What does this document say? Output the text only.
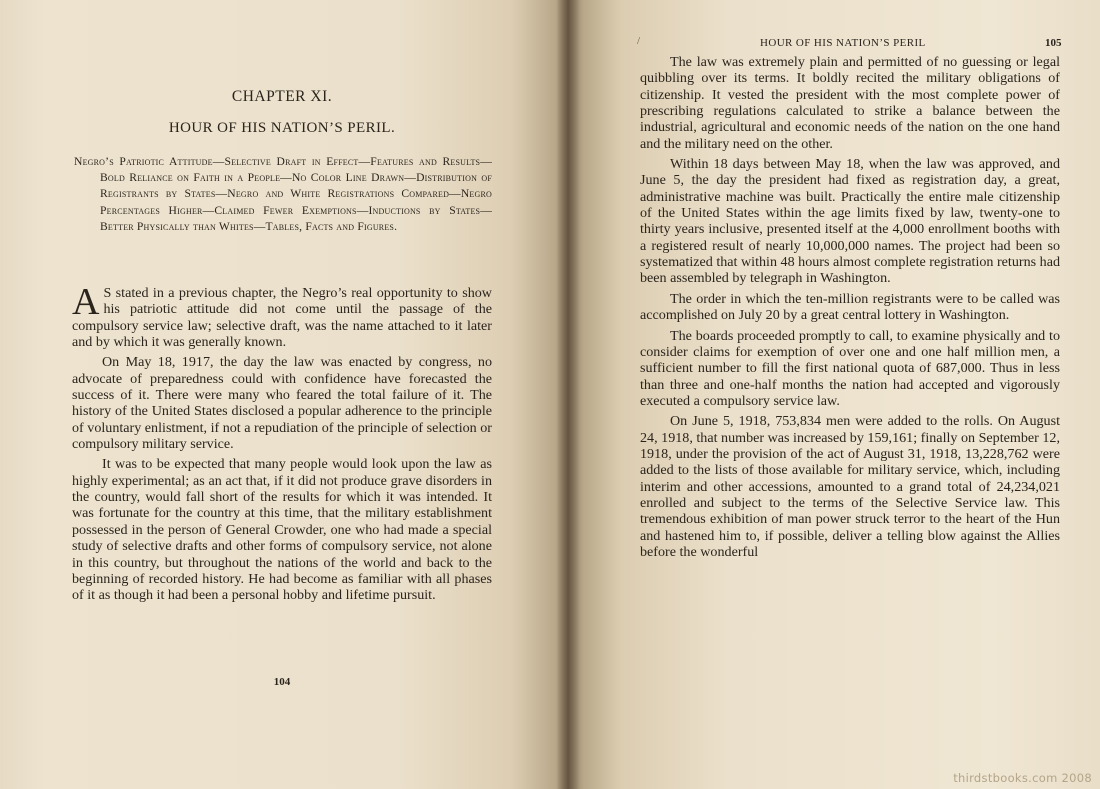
CHAPTER XI.
HOUR OF HIS NATION’S PERIL.

Negro’s Patriotic Attitude—Selective Draft in Effect—Features and Results—Bold Reliance on Faith in a People—No Color Line Drawn—Distribution of Registrants by States—Negro and White Registrations Compared—Negro Percentages Higher—Claimed Fewer Exemptions—Inductions by States—Better Physically than Whites—Tables, Facts and Figures.

A S stated in a previous chapter, the Negro’s real opportunity to show his patriotic attitude did not come until the passage of the compulsory service law; selective draft, was the name attached to it later and by which it was generally known.

On May 18, 1917, the day the law was enacted by congress, no advocate of preparedness could with confidence have forecasted the success of it. There were many who feared the total failure of it. The history of the United States disclosed a popular adherence to the principle of voluntary enlistment, if not a repudiation of the principle of selection or compulsory military service.

It was to be expected that many people would look upon the law as highly experimental; as an act that, if it did not produce grave disorders in the country, would fall short of the results for which it was intended. It was fortunate for the country at this time, that the military establishment possessed in the person of General Crowder, one who had made a special study of selective drafts and other forms of compulsory service, not alone in this country, but throughout the nations of the world and back to the beginning of recorded history. He had become as familiar with all phases of it as though it had been a personal hobby and lifetime pursuit.

104
/	HOUR OF HIS NATION’S PERIL	105

The law was extremely plain and permitted of no guessing or legal quibbling over its terms. It boldly recited the military obligations of citizenship. It vested the president with the most complete power of prescribing regulations calculated to strike a balance between the industrial, agricultural and economic needs of the nation on the one hand and the military need on the other.

Within 18 days between May 18, when the law was approved, and June 5, the day the president had fixed as registration day, a great, administrative machine was built. Practically the entire male citizenship of the United States within the age limits fixed by law, twenty-one to thirty years inclusive, presented itself at the 4,000 enrollment booths with a registered result of nearly 10,000,000 names. The project had been so systematized that within 48 hours almost complete registration returns had been assembled by telegraph in Washington.

The order in which the ten-million registrants were to be called was accomplished on July 20 by a great central lottery in Washington.

The boards proceeded promptly to call, to examine physically and to consider claims for exemption of over one and one half million men, a sufficient number to fill the first national quota of 687,000. Thus in less than three and one-half months the nation had accepted and vigorously executed a compulsory service law.

On June 5, 1918, 753,834 men were added to the rolls. On August 24, 1918, that number was increased by 159,161; finally on September 12, 1918, under the provision of the act of August 31, 1918, 13,228,762 were added to the lists of those available for military service, which, including interim and other accessions, amounted to a grand total of 24,234,021 enrolled and subject to the terms of the Selective Service law. This tremendous exhibition of man power struck terror to the heart of the Hun and hastened him to, if possible, deliver a telling blow against the Allies before the wonderful

thirdstbooks.com 2008
